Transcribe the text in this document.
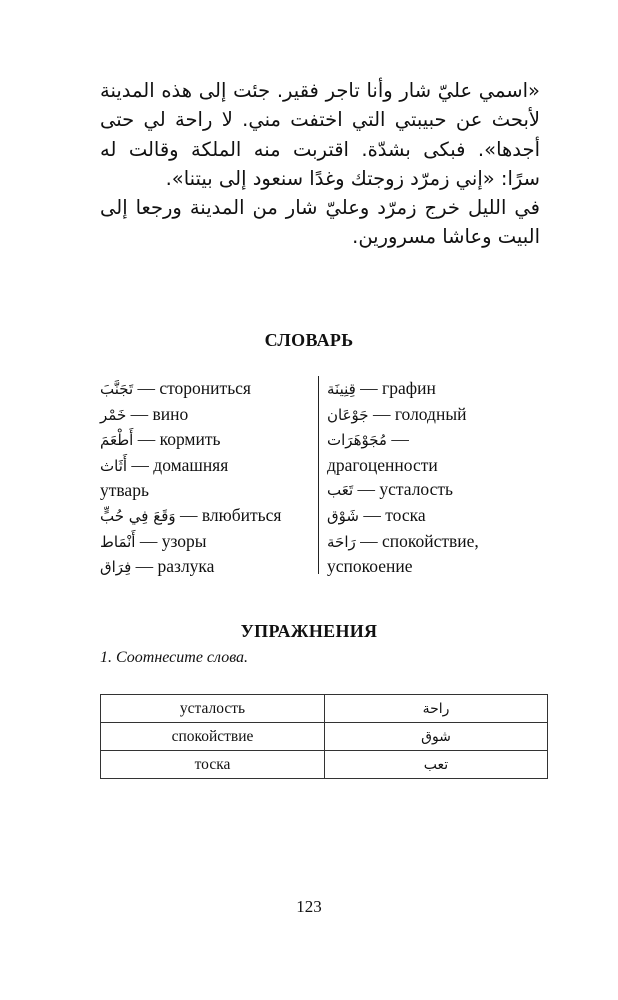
«اسمي عليّ شار وأنا تاجر فقير. جئت إلى هذه المدينة لأبحث عن حبيبتي التي اختفت مني. لا راحة لي حتى أجدها». فبكى بشدّة. اقتربت منه الملكة وقالت له سرًا: «إني زمرّد زوجتك وغدًا سنعود إلى بيتنا».

في الليل خرج زمرّد وعليّ شار من المدينة ورجعا إلى البيت وعاشا مسرورين.

СЛОВАРЬ
تَجَنَّبَ — сторониться
خَمْر — вино
أَطْعَمَ — кормить
أَثَاث — домашняя
утварь
وَقَعَ فِي حُبٍّ — влюбиться
أَنْمَاط — узоры
فِرَاق — разлука
قِنِينَة — графин
جَوْعَان — голодный
مُجَوْهَرَات —
драгоценности
تَعَب — усталость
شَوْق — тоска
رَاحَة — спокойствие,
успокоение
УПРАЖНЕНИЯ
1. Соотнесите слова.
усталость	راحة
спокойствие	شوق
тоска	تعب
123
